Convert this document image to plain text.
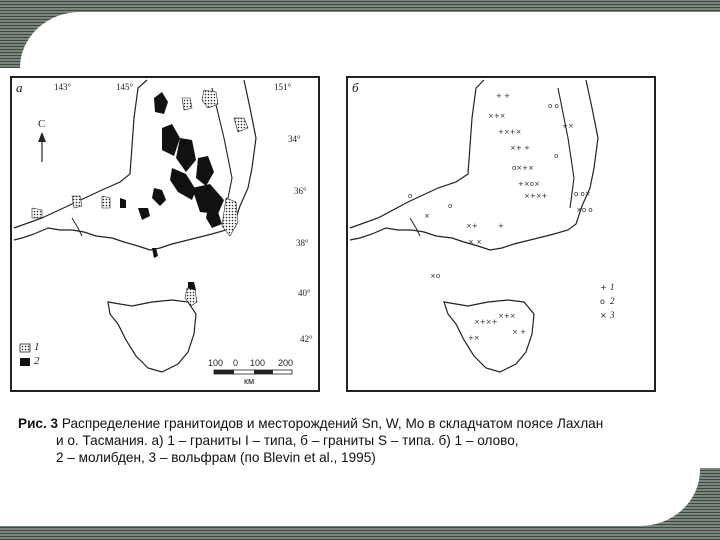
а	143°	145°	151°
34°
36°
38°
40°
42°
С
1
2	100 0 100 200
км
+ +
×+×
+×+×
×+ +
o×+×
+×o×
×+×+
o o
+×
o
o o×
×o o
×+
o
o
×
× ×
+
×o
×+×+
×+×
× +
+×
+
o
×
б
1
2
3
Рис. 3 Распределение гранитоидов и месторождений Sn, W, Mo в складчатом поясе Лахлан
и о. Тасмания. а) 1 – граниты I – типа, б – граниты S – типа. б) 1 – олово,
2 – молибден, 3 – вольфрам (по Blevin et al., 1995)
